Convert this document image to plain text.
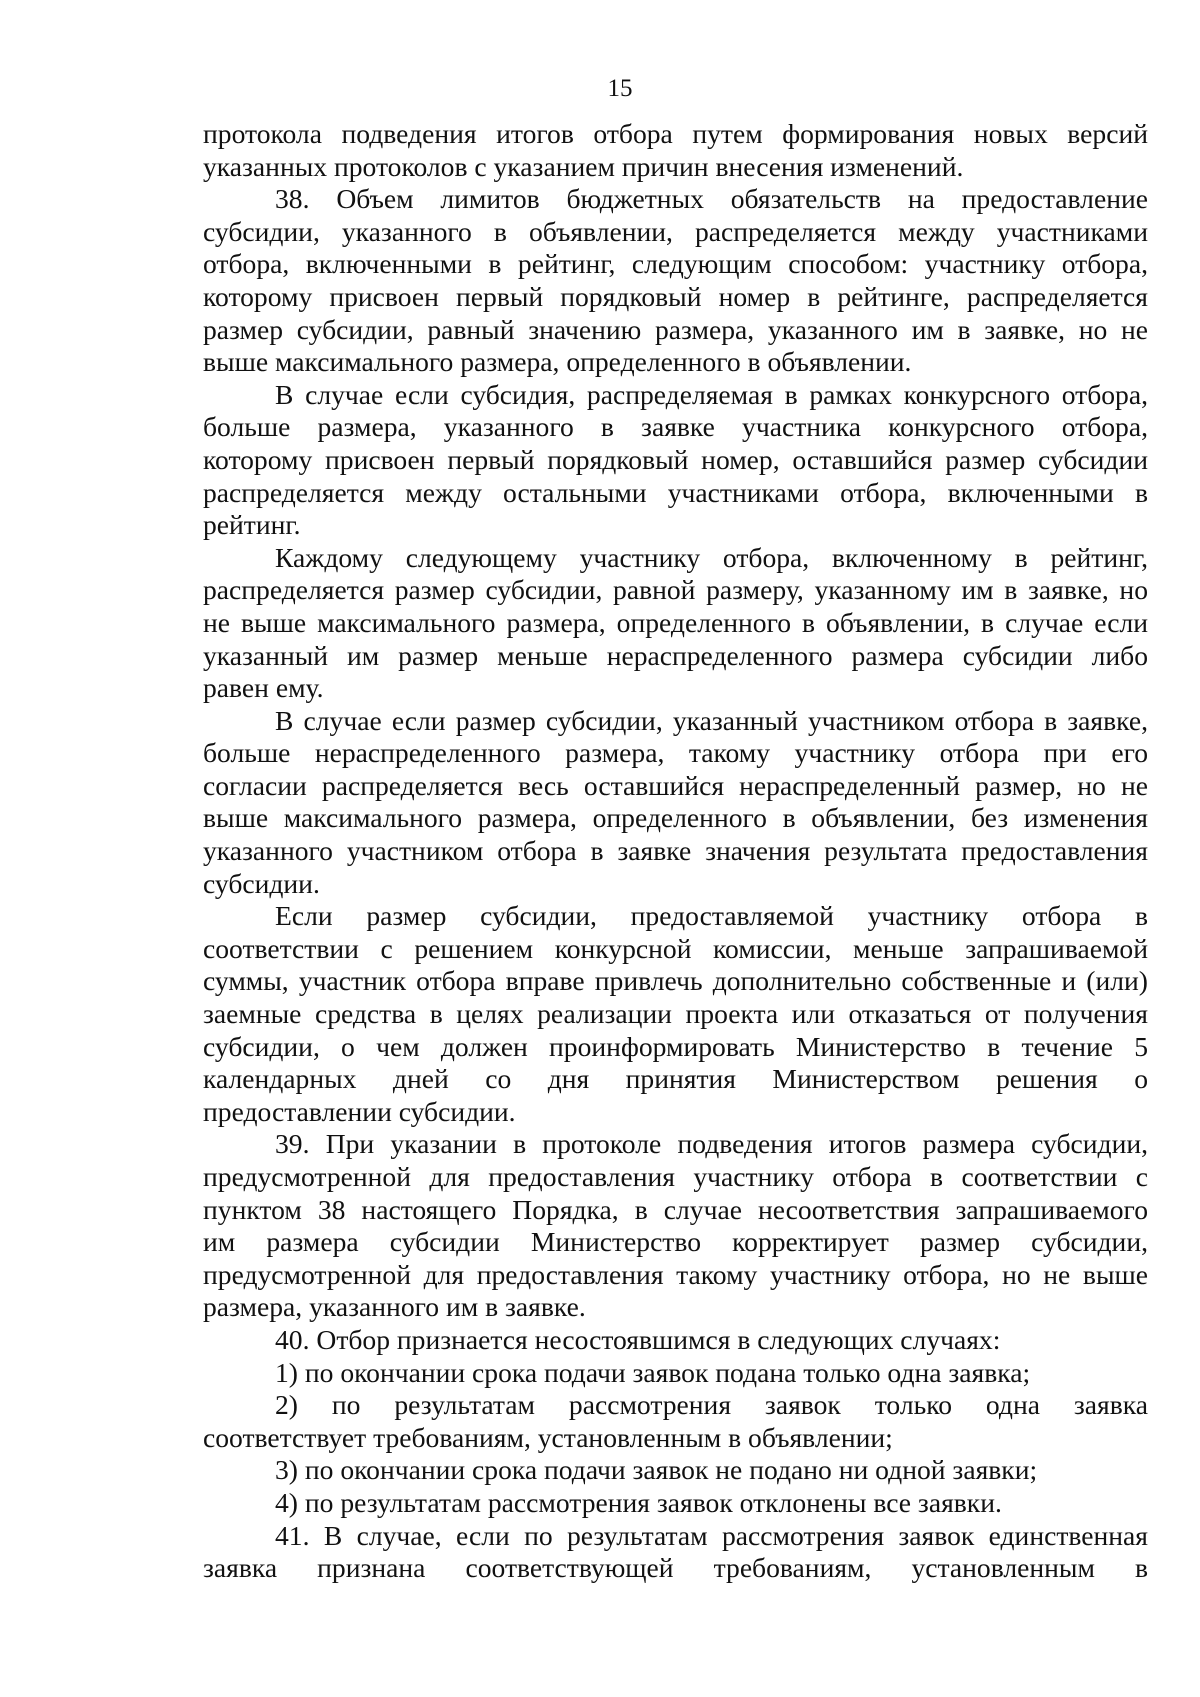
15
протокола подведения итогов отбора путем формирования новых версий
указанных протоколов с указанием причин внесения изменений.
38. Объем лимитов бюджетных обязательств на предоставление
субсидии, указанного в объявлении, распределяется между участниками
отбора, включенными в рейтинг, следующим способом: участнику отбора,
которому присвоен первый порядковый номер в рейтинге, распределяется
размер субсидии, равный значению размера, указанного им в заявке, но не
выше максимального размера, определенного в объявлении.
В случае если субсидия, распределяемая в рамках конкурсного отбора,
больше размера, указанного в заявке участника конкурсного отбора,
которому присвоен первый порядковый номер, оставшийся размер субсидии
распределяется между остальными участниками отбора, включенными в
рейтинг.
Каждому следующему участнику отбора, включенному в рейтинг,
распределяется размер субсидии, равной размеру, указанному им в заявке, но
не выше максимального размера, определенного в объявлении, в случае если
указанный им размер меньше нераспределенного размера субсидии либо
равен ему.
В случае если размер субсидии, указанный участником отбора в заявке,
больше нераспределенного размера, такому участнику отбора при его
согласии распределяется весь оставшийся нераспределенный размер, но не
выше максимального размера, определенного в объявлении, без изменения
указанного участником отбора в заявке значения результата предоставления
субсидии.
Если размер субсидии, предоставляемой участнику отбора в
соответствии с решением конкурсной комиссии, меньше запрашиваемой
суммы, участник отбора вправе привлечь дополнительно собственные и (или)
заемные средства в целях реализации проекта или отказаться от получения
субсидии, о чем должен проинформировать Министерство в течение 5
календарных дней со дня принятия Министерством решения о
предоставлении субсидии.
39. При указании в протоколе подведения итогов размера субсидии,
предусмотренной для предоставления участнику отбора в соответствии с
пунктом 38 настоящего Порядка, в случае несоответствия запрашиваемого
им размера субсидии Министерство корректирует размер субсидии,
предусмотренной для предоставления такому участнику отбора, но не выше
размера, указанного им в заявке.
40. Отбор признается несостоявшимся в следующих случаях:
1) по окончании срока подачи заявок подана только одна заявка;
2) по результатам рассмотрения заявок только одна заявка
соответствует требованиям, установленным в объявлении;
3) по окончании срока подачи заявок не подано ни одной заявки;
4) по результатам рассмотрения заявок отклонены все заявки.
41. В случае, если по результатам рассмотрения заявок единственная
заявка признана соответствующей требованиям, установленным в
